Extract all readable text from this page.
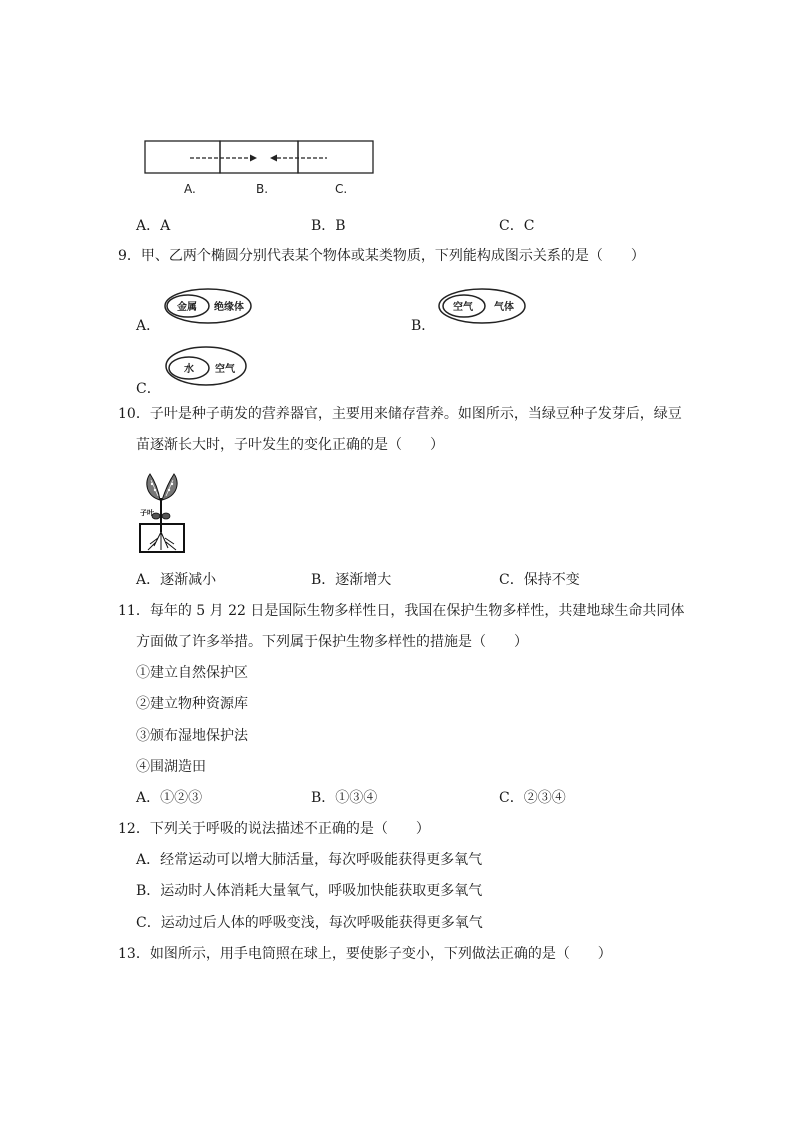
A.	B.	C.
A．A	B．B	C．C
9．甲、乙两个椭圆分别代表某个物体或某类物质，下列能构成图示关系的是（　　）
A．
金属 绝缘体
B．
空气 气体
C．
水 空气
10．子叶是种子萌发的营养器官，主要用来储存营养。如图所示，当绿豆种子发芽后，绿豆
苗逐渐长大时，子叶发生的变化正确的是（　　）
子叶
A．逐渐减小	B．逐渐增大	C．保持不变
11．每年的 5 月 22 日是国际生物多样性日，我国在保护生物多样性，共建地球生命共同体
方面做了许多举措。下列属于保护生物多样性的措施是（　　）
①建立自然保护区
②建立物种资源库
③颁布湿地保护法
④围湖造田
A．①②③	B．①③④	C．②③④
12．下列关于呼吸的说法描述不正确的是（　　）
A．经常运动可以增大肺活量，每次呼吸能获得更多氧气
B．运动时人体消耗大量氧气，呼吸加快能获取更多氧气
C．运动过后人体的呼吸变浅，每次呼吸能获得更多氧气
13．如图所示，用手电筒照在球上，要使影子变小，下列做法正确的是（　　）
